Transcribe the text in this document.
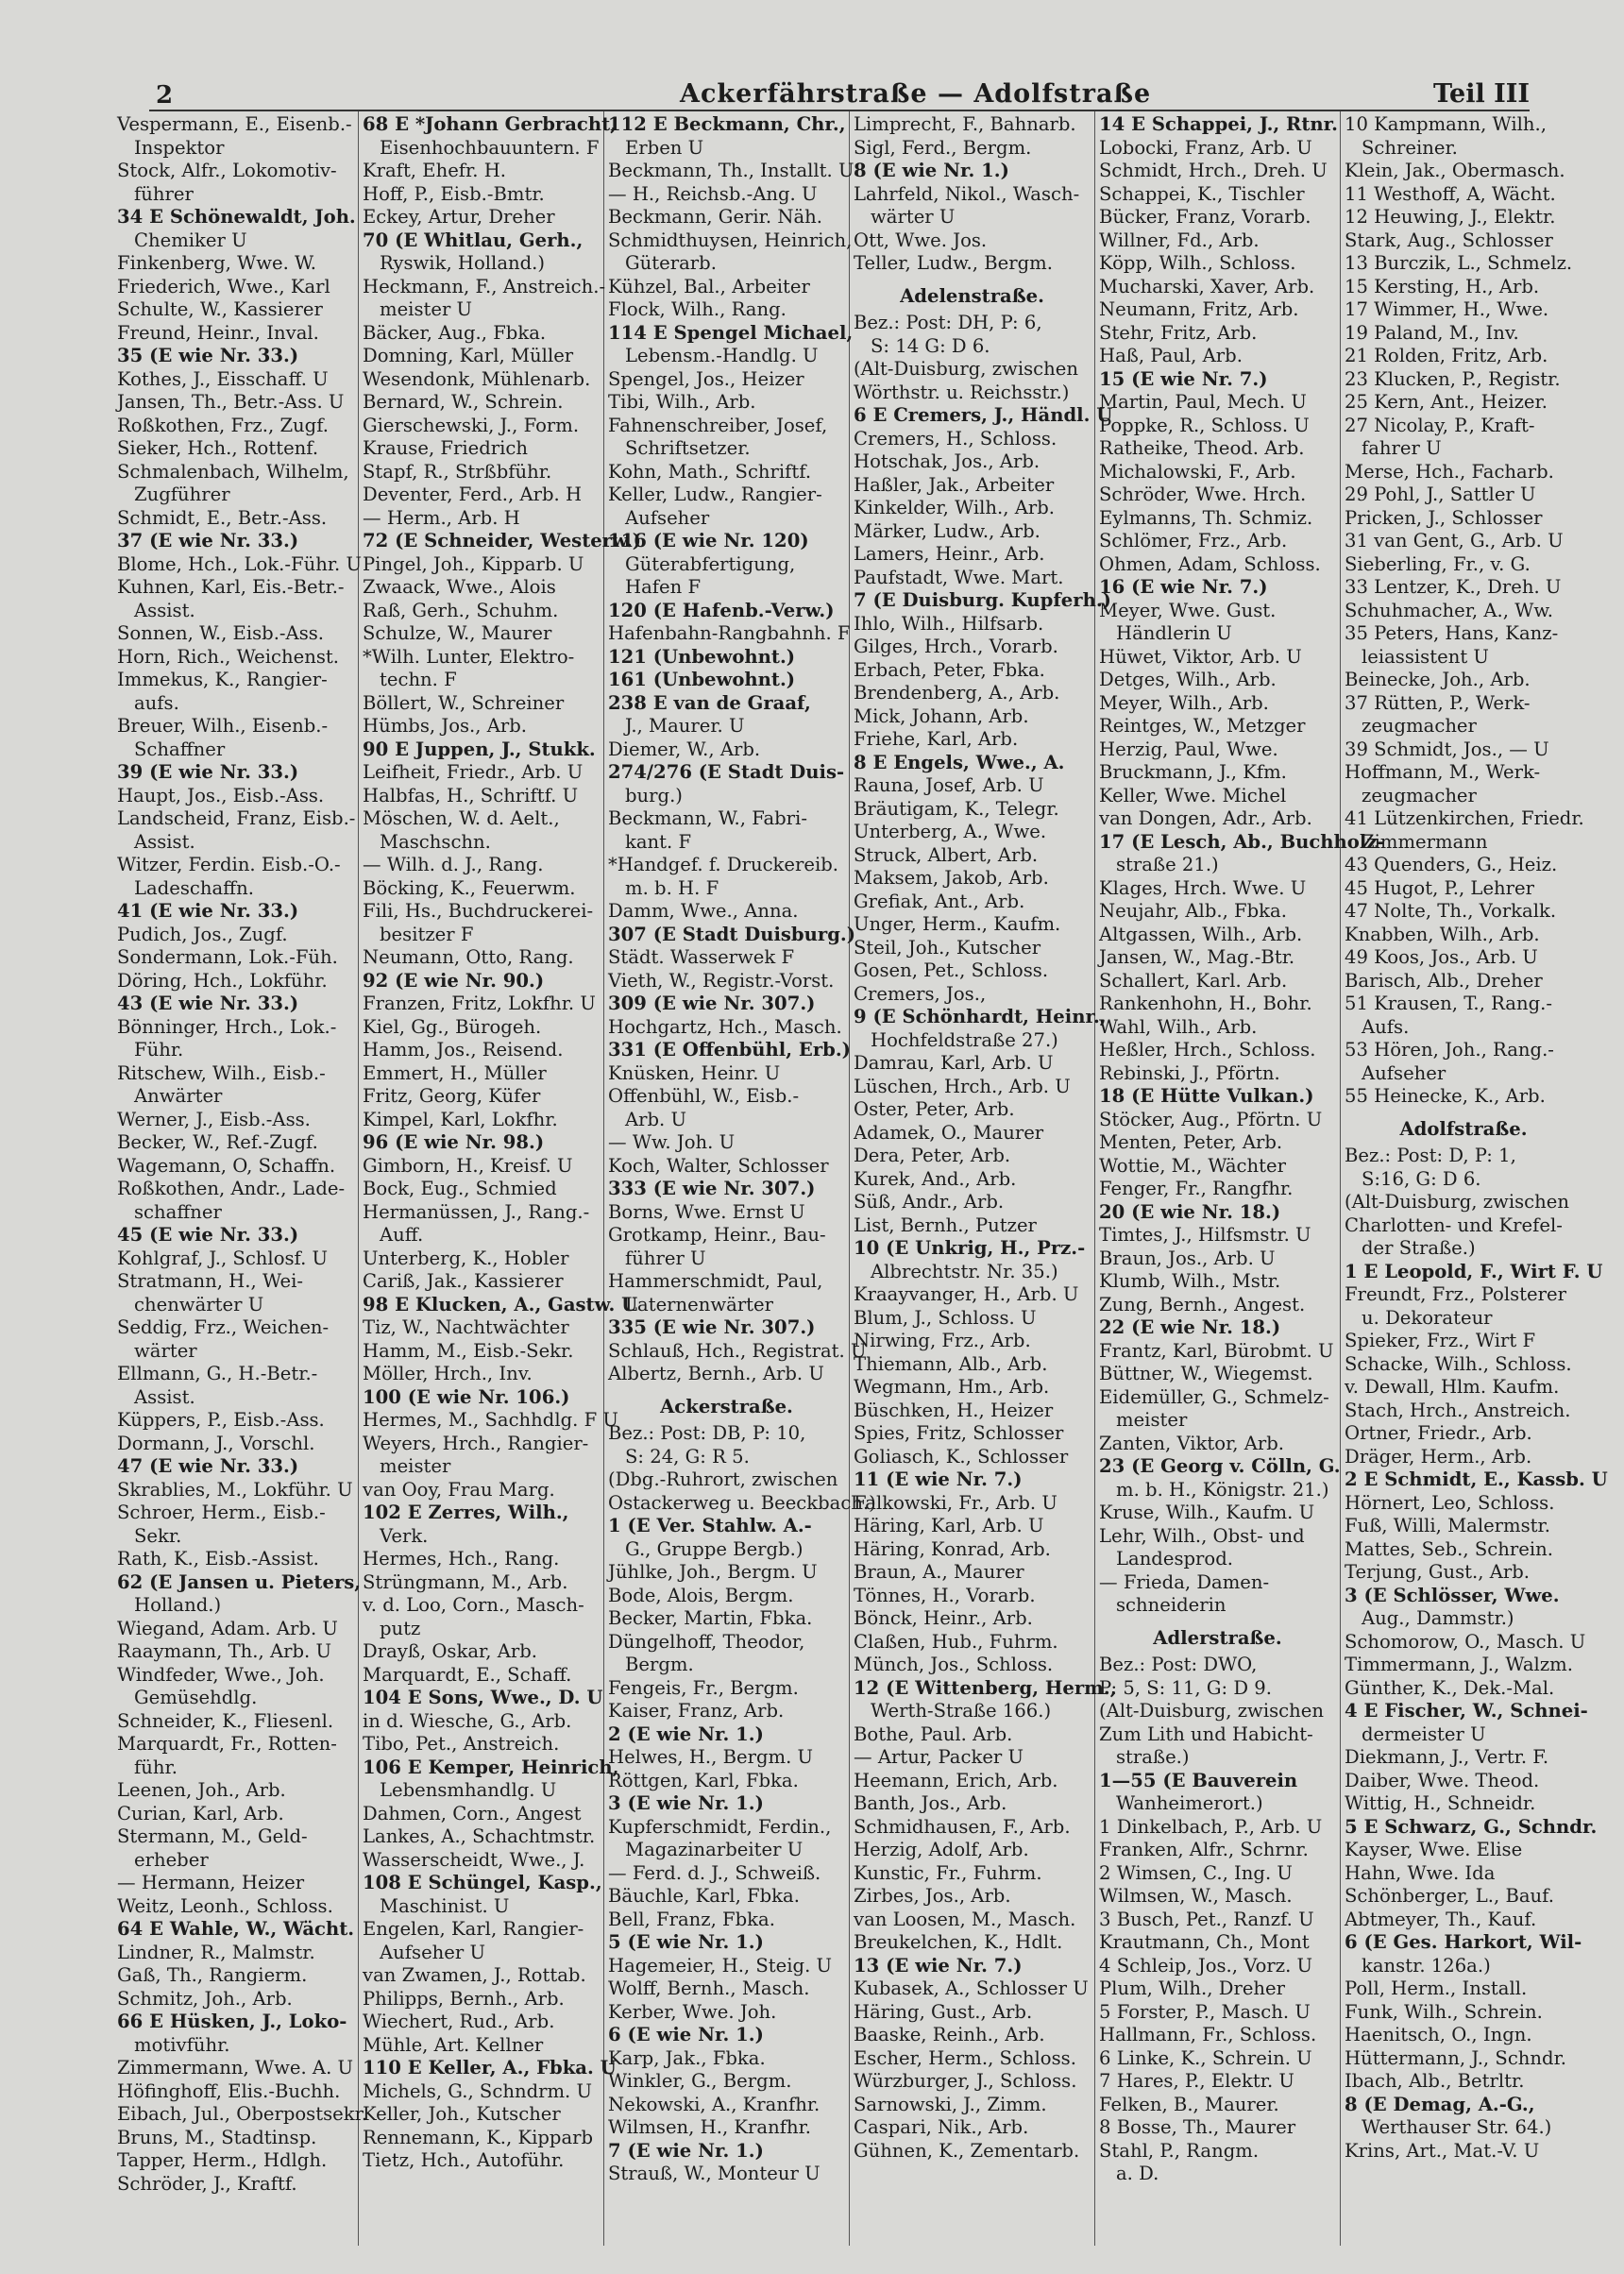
2	Ackerfährstraße — Adolfstraße	Teil III
Vespermann, E., Eisenb.-
Inspektor
Stock, Alfr., Lokomotiv-
führer
34 E Schönewaldt, Joh.
Chemiker U
Finkenberg, Wwe. W.
Friederich, Wwe., Karl
Schulte, W., Kassierer
Freund, Heinr., Inval.
35 (E wie Nr. 33.)
Kothes, J., Eisschaff. U
Jansen, Th., Betr.-Ass. U
Roßkothen, Frz., Zugf.
Sieker, Hch., Rottenf.
Schmalenbach, Wilhelm,
Zugführer
Schmidt, E., Betr.-Ass.
37 (E wie Nr. 33.)
Blome, Hch., Lok.-Führ. U
Kuhnen, Karl, Eis.-Betr.-
Assist.
Sonnen, W., Eisb.-Ass.
Horn, Rich., Weichenst.
Immekus, K., Rangier-
aufs.
Breuer, Wilh., Eisenb.-
Schaffner
39 (E wie Nr. 33.)
Haupt, Jos., Eisb.-Ass.
Landscheid, Franz, Eisb.-
Assist.
Witzer, Ferdin. Eisb.-O.-
Ladeschaffn.
41 (E wie Nr. 33.)
Pudich, Jos., Zugf.
Sondermann, Lok.-Füh.
Döring, Hch., Lokführ.
43 (E wie Nr. 33.)
Bönninger, Hrch., Lok.-
Führ.
Ritschew, Wilh., Eisb.-
Anwärter
Werner, J., Eisb.-Ass.
Becker, W., Ref.-Zugf.
Wagemann, O, Schaffn.
Roßkothen, Andr., Lade-
schaffner
45 (E wie Nr. 33.)
Kohlgraf, J., Schlosf. U
Stratmann, H., Wei-
chenwärter U
Seddig, Frz., Weichen-
wärter
Ellmann, G., H.-Betr.-
Assist.
Küppers, P., Eisb.-Ass.
Dormann, J., Vorschl.
47 (E wie Nr. 33.)
Skrablies, M., Lokführ. U
Schroer, Herm., Eisb.-
Sekr.
Rath, K., Eisb.-Assist.
62 (E Jansen u. Pieters,
Holland.)
Wiegand, Adam. Arb. U
Raaymann, Th., Arb. U
Windfeder, Wwe., Joh.
Gemüsehdlg.
Schneider, K., Fliesenl.
Marquardt, Fr., Rotten-
führ.
Leenen, Joh., Arb.
Curian, Karl, Arb.
Stermann, M., Geld-
erheber
— Hermann, Heizer
Weitz, Leonh., Schloss.
64 E Wahle, W., Wächt.
Lindner, R., Malmstr.
Gaß, Th., Rangierm.
Schmitz, Joh., Arb.
66 E Hüsken, J., Loko-
motivführ.
Zimmermann, Wwe. A. U
Höfinghoff, Elis.-Buchh.
Eibach, Jul., Oberpostsekr.
Bruns, M., Stadtinsp.
Tapper, Herm., Hdlgh.
Schröder, J., Kraftf.
68 E *Johann Gerbracht,
Eisenhochbauuntern. F
Kraft, Ehefr. H.
Hoff, P., Eisb.-Bmtr.
Eckey, Artur, Dreher
70 (E Whitlau, Gerh.,
Ryswik, Holland.)
Heckmann, F., Anstreich.-
meister U
Bäcker, Aug., Fbka.
Domning, Karl, Müller
Wesendonk, Mühlenarb.
Bernard, W., Schrein.
Gierschewski, J., Form.
Krause, Friedrich
Stapf, R., Strßbführ.
Deventer, Ferd., Arb. H
— Herm., Arb. H
72 (E Schneider, Westerw.)
Pingel, Joh., Kipparb. U
Zwaack, Wwe., Alois
Raß, Gerh., Schuhm.
Schulze, W., Maurer
*Wilh. Lunter, Elektro-
techn. F
Böllert, W., Schreiner
Hümbs, Jos., Arb.
90 E Juppen, J., Stukk.
Leifheit, Friedr., Arb. U
Halbfas, H., Schriftf. U
Möschen, W. d. Aelt.,
Maschschn.
— Wilh. d. J., Rang.
Böcking, K., Feuerwm.
Fili, Hs., Buchdruckerei-
besitzer F
Neumann, Otto, Rang.
92 (E wie Nr. 90.)
Franzen, Fritz, Lokfhr. U
Kiel, Gg., Bürogeh.
Hamm, Jos., Reisend.
Emmert, H., Müller
Fritz, Georg, Küfer
Kimpel, Karl, Lokfhr.
96 (E wie Nr. 98.)
Gimborn, H., Kreisf. U
Bock, Eug., Schmied
Hermanüssen, J., Rang.-
Auff.
Unterberg, K., Hobler
Cariß, Jak., Kassierer
98 E Klucken, A., Gastw. U
Tiz, W., Nachtwächter
Hamm, M., Eisb.-Sekr.
Möller, Hrch., Inv.
100 (E wie Nr. 106.)
Hermes, M., Sachhdlg. F U
Weyers, Hrch., Rangier-
meister
van Ooy, Frau Marg.
102 E Zerres, Wilh.,
Verk.
Hermes, Hch., Rang.
Strüngmann, M., Arb.
v. d. Loo, Corn., Masch-
putz
Drayß, Oskar, Arb.
Marquardt, E., Schaff.
104 E Sons, Wwe., D. U
in d. Wiesche, G., Arb.
Tibo, Pet., Anstreich.
106 E Kemper, Heinrich,
Lebensmhandlg. U
Dahmen, Corn., Angest
Lankes, A., Schachtmstr.
Wasserscheidt, Wwe., J.
108 E Schüngel, Kasp.,
Maschinist. U
Engelen, Karl, Rangier-
Aufseher U
van Zwamen, J., Rottab.
Philipps, Bernh., Arb.
Wiechert, Rud., Arb.
Mühle, Art. Kellner
110 E Keller, A., Fbka. U
Michels, G., Schndrm. U
Keller, Joh., Kutscher
Rennemann, K., Kipparb
Tietz, Hch., Autoführ.
112 E Beckmann, Chr.,
Erben U
Beckmann, Th., Installt. U
— H., Reichsb.-Ang. U
Beckmann, Gerir. Näh.
Schmidthuysen, Heinrich,
Güterarb.
Kühzel, Bal., Arbeiter
Flock, Wilh., Rang.
114 E Spengel Michael,
Lebensm.-Handlg. U
Spengel, Jos., Heizer
Tibi, Wilh., Arb.
Fahnenschreiber, Josef,
Schriftsetzer.
Kohn, Math., Schriftf.
Keller, Ludw., Rangier-
Aufseher
116 (E wie Nr. 120)
Güterabfertigung,
Hafen F
120 (E Hafenb.-Verw.)
Hafenbahn-Rangbahnh. F
121 (Unbewohnt.)
161 (Unbewohnt.)
238 E van de Graaf,
J., Maurer. U
Diemer, W., Arb.
274/276 (E Stadt Duis-
burg.)
Beckmann, W., Fabri-
kant. F
*Handgef. f. Druckereib.
m. b. H. F
Damm, Wwe., Anna.
307 (E Stadt Duisburg.)
Städt. Wasserwek F
Vieth, W., Registr.-Vorst.
309 (E wie Nr. 307.)
Hochgartz, Hch., Masch.
331 (E Offenbühl, Erb.)
Knüsken, Heinr. U
Offenbühl, W., Eisb.-
Arb. U
— Ww. Joh. U
Koch, Walter, Schlosser
333 (E wie Nr. 307.)
Borns, Wwe. Ernst U
Grotkamp, Heinr., Bau-
führer U
Hammerschmidt, Paul,
Laternenwärter
335 (E wie Nr. 307.)
Schlauß, Hch., Registrat. U
Albertz, Bernh., Arb. U
Ackerstraße.
Bez.: Post: DB, P: 10,
S: 24, G: R 5.
(Dbg.-Ruhrort, zwischen
Ostackerweg u. Beeckbach.)
1 (E Ver. Stahlw. A.-
G., Gruppe Bergb.)
Jühlke, Joh., Bergm. U
Bode, Alois, Bergm.
Becker, Martin, Fbka.
Düngelhoff, Theodor,
Bergm.
Fengeis, Fr., Bergm.
Kaiser, Franz, Arb.
2 (E wie Nr. 1.)
Helwes, H., Bergm. U
Röttgen, Karl, Fbka.
3 (E wie Nr. 1.)
Kupferschmidt, Ferdin.,
Magazinarbeiter U
— Ferd. d. J., Schweiß.
Bäuchle, Karl, Fbka.
Bell, Franz, Fbka.
5 (E wie Nr. 1.)
Hagemeier, H., Steig. U
Wolff, Bernh., Masch.
Kerber, Wwe. Joh.
6 (E wie Nr. 1.)
Karp, Jak., Fbka.
Winkler, G., Bergm.
Nekowski, A., Kranfhr.
Wilmsen, H., Kranfhr.
7 (E wie Nr. 1.)
Strauß, W., Monteur U
Limprecht, F., Bahnarb.
Sigl, Ferd., Bergm.
8 (E wie Nr. 1.)
Lahrfeld, Nikol., Wasch-
wärter U
Ott, Wwe. Jos.
Teller, Ludw., Bergm.
Adelenstraße.
Bez.: Post: DH, P: 6,
S: 14 G: D 6.
(Alt-Duisburg, zwischen
Wörthstr. u. Reichsstr.)
6 E Cremers, J., Händl. U
Cremers, H., Schloss.
Hotschak, Jos., Arb.
Haßler, Jak., Arbeiter
Kinkelder, Wilh., Arb.
Märker, Ludw., Arb.
Lamers, Heinr., Arb.
Paufstadt, Wwe. Mart.
7 (E Duisburg. Kupferh.)
Ihlo, Wilh., Hilfsarb.
Gilges, Hrch., Vorarb.
Erbach, Peter, Fbka.
Brendenberg, A., Arb.
Mick, Johann, Arb.
Friehe, Karl, Arb.
8 E Engels, Wwe., A.
Rauna, Josef, Arb. U
Bräutigam, K., Telegr.
Unterberg, A., Wwe.
Struck, Albert, Arb.
Maksem, Jakob, Arb.
Grefiak, Ant., Arb.
Unger, Herm., Kaufm.
Steil, Joh., Kutscher
Gosen, Pet., Schloss.
Cremers, Jos.,
9 (E Schönhardt, Heinr.,
Hochfeldstraße 27.)
Damrau, Karl, Arb. U
Lüschen, Hrch., Arb. U
Oster, Peter, Arb.
Adamek, O., Maurer
Dera, Peter, Arb.
Kurek, And., Arb.
Süß, Andr., Arb.
List, Bernh., Putzer
10 (E Unkrig, H., Prz.-
Albrechtstr. Nr. 35.)
Kraayvanger, H., Arb. U
Blum, J., Schloss. U
Nirwing, Frz., Arb.
Thiemann, Alb., Arb.
Wegmann, Hm., Arb.
Büschken, H., Heizer
Spies, Fritz, Schlosser
Goliasch, K., Schlosser
11 (E wie Nr. 7.)
Falkowski, Fr., Arb. U
Häring, Karl, Arb. U
Häring, Konrad, Arb.
Braun, A., Maurer
Tönnes, H., Vorarb.
Bönck, Heinr., Arb.
Claßen, Hub., Fuhrm.
Münch, Jos., Schloss.
12 (E Wittenberg, Herm.,
Werth-Straße 166.)
Bothe, Paul. Arb.
— Artur, Packer U
Heemann, Erich, Arb.
Banth, Jos., Arb.
Schmidhausen, F., Arb.
Herzig, Adolf, Arb.
Kunstic, Fr., Fuhrm.
Zirbes, Jos., Arb.
van Loosen, M., Masch.
Breukelchen, K., Hdlt.
13 (E wie Nr. 7.)
Kubasek, A., Schlosser U
Häring, Gust., Arb.
Baaske, Reinh., Arb.
Escher, Herm., Schloss.
Würzburger, J., Schloss.
Sarnowski, J., Zimm.
Caspari, Nik., Arb.
Gühnen, K., Zementarb.
14 E Schappei, J., Rtnr.
Lobocki, Franz, Arb. U
Schmidt, Hrch., Dreh. U
Schappei, K., Tischler
Bücker, Franz, Vorarb.
Willner, Fd., Arb.
Köpp, Wilh., Schloss.
Mucharski, Xaver, Arb.
Neumann, Fritz, Arb.
Stehr, Fritz, Arb.
Haß, Paul, Arb.
15 (E wie Nr. 7.)
Martin, Paul, Mech. U
Poppke, R., Schloss. U
Ratheike, Theod. Arb.
Michalowski, F., Arb.
Schröder, Wwe. Hrch.
Eylmanns, Th. Schmiz.
Schlömer, Frz., Arb.
Ohmen, Adam, Schloss.
16 (E wie Nr. 7.)
Meyer, Wwe. Gust.
Händlerin U
Hüwet, Viktor, Arb. U
Detges, Wilh., Arb.
Meyer, Wilh., Arb.
Reintges, W., Metzger
Herzig, Paul, Wwe.
Bruckmann, J., Kfm.
Keller, Wwe. Michel
van Dongen, Adr., Arb.
17 (E Lesch, Ab., Buchholz-
straße 21.)
Klages, Hrch. Wwe. U
Neujahr, Alb., Fbka.
Altgassen, Wilh., Arb.
Jansen, W., Mag.-Btr.
Schallert, Karl. Arb.
Rankenhohn, H., Bohr.
Wahl, Wilh., Arb.
Heßler, Hrch., Schloss.
Rebinski, J., Pförtn.
18 (E Hütte Vulkan.)
Stöcker, Aug., Pförtn. U
Menten, Peter, Arb.
Wottie, M., Wächter
Fenger, Fr., Rangfhr.
20 (E wie Nr. 18.)
Timtes, J., Hilfsmstr. U
Braun, Jos., Arb. U
Klumb, Wilh., Mstr.
Zung, Bernh., Angest.
22 (E wie Nr. 18.)
Frantz, Karl, Bürobmt. U
Büttner, W., Wiegemst.
Eidemüller, G., Schmelz-
meister
Zanten, Viktor, Arb.
23 (E Georg v. Cölln, G.
m. b. H., Königstr. 21.)
Kruse, Wilh., Kaufm. U
Lehr, Wilh., Obst- und
Landesprod.
— Frieda, Damen-
schneiderin
Adlerstraße.
Bez.: Post: DWO,
P: 5, S: 11, G: D 9.
(Alt-Duisburg, zwischen
Zum Lith und Habicht-
straße.)
1—55 (E Bauverein
Wanheimerort.)
1 Dinkelbach, P., Arb. U
Franken, Alfr., Schrnr.
2 Wimsen, C., Ing. U
Wilmsen, W., Masch.
3 Busch, Pet., Ranzf. U
Krautmann, Ch., Mont
4 Schleip, Jos., Vorz. U
Plum, Wilh., Dreher
5 Forster, P., Masch. U
Hallmann, Fr., Schloss.
6 Linke, K., Schrein. U
7 Hares, P., Elektr. U
Felken, B., Maurer.
8 Bosse, Th., Maurer
Stahl, P., Rangm.
a. D.
10 Kampmann, Wilh.,
Schreiner.
Klein, Jak., Obermasch.
11 Westhoff, A, Wächt.
12 Heuwing, J., Elektr.
Stark, Aug., Schlosser
13 Burczik, L., Schmelz.
15 Kersting, H., Arb.
17 Wimmer, H., Wwe.
19 Paland, M., Inv.
21 Rolden, Fritz, Arb.
23 Klucken, P., Registr.
25 Kern, Ant., Heizer.
27 Nicolay, P., Kraft-
fahrer U
Merse, Hch., Facharb.
29 Pohl, J., Sattler U
Pricken, J., Schlosser
31 van Gent, G., Arb. U
Sieberling, Fr., v. G.
33 Lentzer, K., Dreh. U
Schuhmacher, A., Ww.
35 Peters, Hans, Kanz-
leiassistent U
Beinecke, Joh., Arb.
37 Rütten, P., Werk-
zeugmacher
39 Schmidt, Jos., — U
Hoffmann, M., Werk-
zeugmacher
41 Lützenkirchen, Friedr.
Zimmermann
43 Quenders, G., Heiz.
45 Hugot, P., Lehrer
47 Nolte, Th., Vorkalk.
Knabben, Wilh., Arb.
49 Koos, Jos., Arb. U
Barisch, Alb., Dreher
51 Krausen, T., Rang.-
Aufs.
53 Hören, Joh., Rang.-
Aufseher
55 Heinecke, K., Arb.
Adolfstraße.
Bez.: Post: D, P: 1,
S:16, G: D 6.
(Alt-Duisburg, zwischen
Charlotten- und Krefel-
der Straße.)
1 E Leopold, F., Wirt F. U
Freundt, Frz., Polsterer
u. Dekorateur
Spieker, Frz., Wirt F
Schacke, Wilh., Schloss.
v. Dewall, Hlm. Kaufm.
Stach, Hrch., Anstreich.
Ortner, Friedr., Arb.
Dräger, Herm., Arb.
2 E Schmidt, E., Kassb. U
Hörnert, Leo, Schloss.
Fuß, Willi, Malermstr.
Mattes, Seb., Schrein.
Terjung, Gust., Arb.
3 (E Schlösser, Wwe.
Aug., Dammstr.)
Schomorow, O., Masch. U
Timmermann, J., Walzm.
Günther, K., Dek.-Mal.
4 E Fischer, W., Schnei-
dermeister U
Diekmann, J., Vertr. F.
Daiber, Wwe. Theod.
Wittig, H., Schneidr.
5 E Schwarz, G., Schndr.
Kayser, Wwe. Elise
Hahn, Wwe. Ida
Schönberger, L., Bauf.
Abtmeyer, Th., Kauf.
6 (E Ges. Harkort, Wil-
kanstr. 126a.)
Poll, Herm., Install.
Funk, Wilh., Schrein.
Haenitsch, O., Ingn.
Hüttermann, J., Schndr.
Ibach, Alb., Betrltr.
8 (E Demag, A.-G.,
Werthauser Str. 64.)
Krins, Art., Mat.-V. U
